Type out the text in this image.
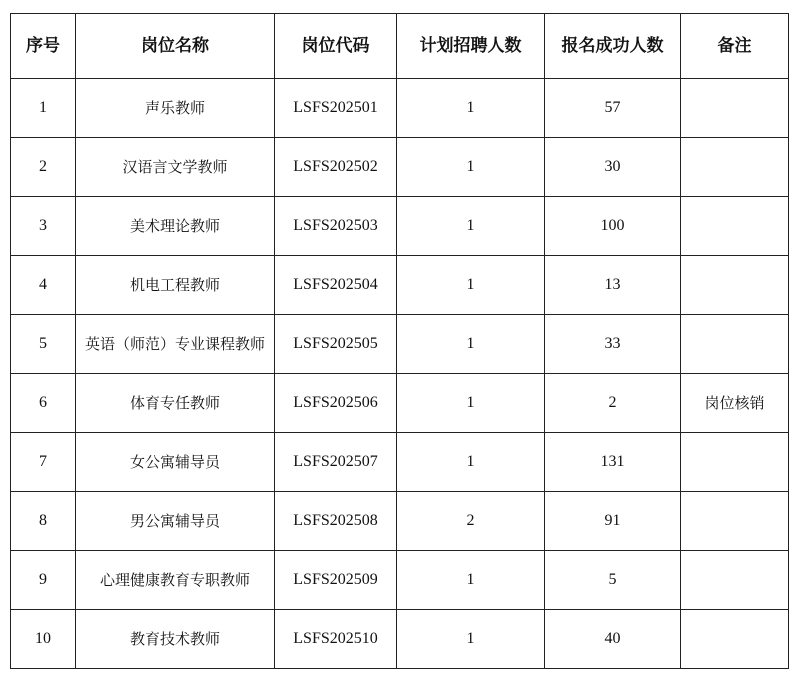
序号	岗位名称	岗位代码	计划招聘人数	报名成功人数	备注
1	声乐教师	LSFS202501	1	57	
2	汉语言文学教师	LSFS202502	1	30	
3	美术理论教师	LSFS202503	1	100	
4	机电工程教师	LSFS202504	1	13	
5	英语（师范）专业课程教师	LSFS202505	1	33	
6	体育专任教师	LSFS202506	1	2	岗位核销
7	女公寓辅导员	LSFS202507	1	131	
8	男公寓辅导员	LSFS202508	2	91	
9	心理健康教育专职教师	LSFS202509	1	5	
10	教育技术教师	LSFS202510	1	40	
